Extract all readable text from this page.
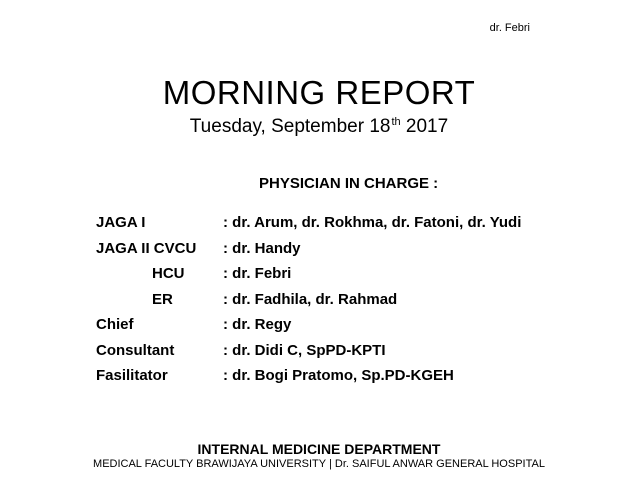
dr. Febri
MORNING REPORT
Tuesday, September 18th 2017
PHYSICIAN IN CHARGE :
JAGA I	: dr. Arum, dr. Rokhma, dr. Fatoni, dr. Yudi
JAGA II CVCU : dr. Handy
HCU	: dr. Febri
ER	: dr. Fadhila, dr. Rahmad
Chief	: dr. Regy
Consultant	: dr. Didi C, SpPD-KPTI
Fasilitator	: dr. Bogi Pratomo, Sp.PD-KGEH
INTERNAL MEDICINE DEPARTMENT
MEDICAL FACULTY BRAWIJAYA UNIVERSITY | Dr. SAIFUL ANWAR GENERAL HOSPITAL
